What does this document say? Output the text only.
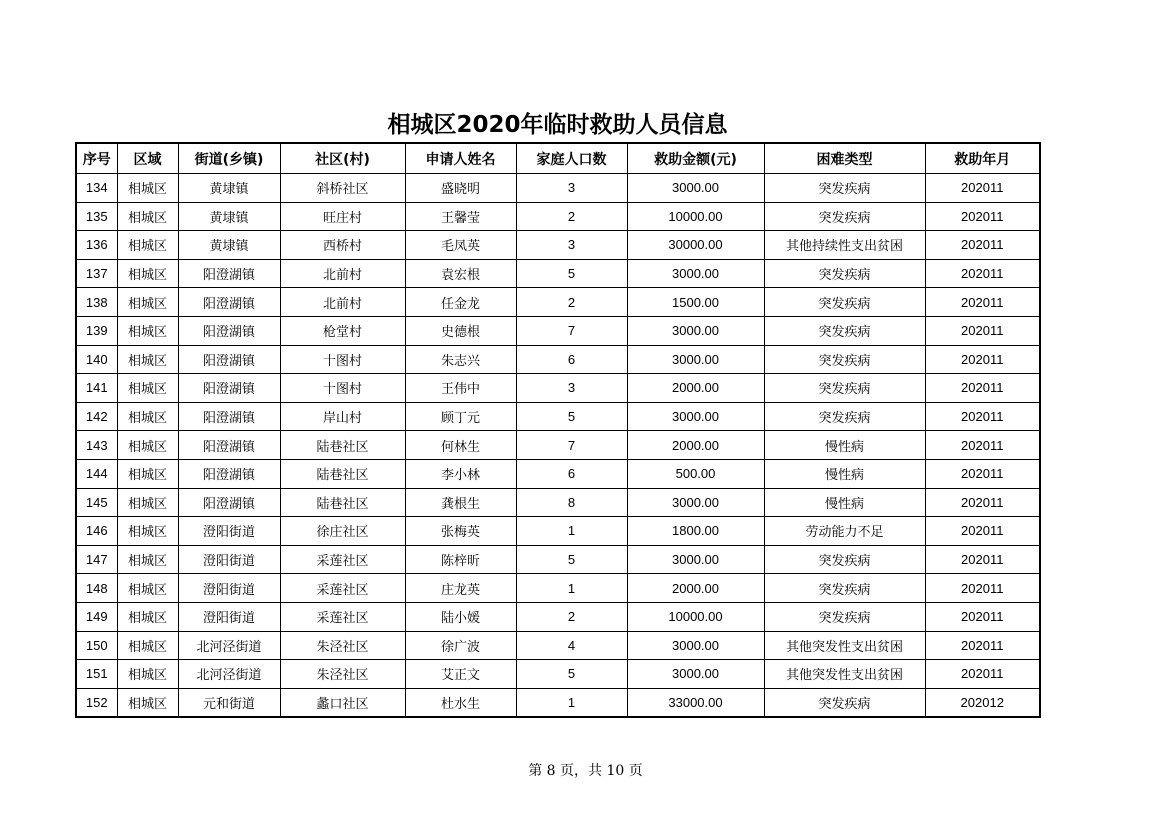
相城区2020年临时救助人员信息
序号	区域	街道(乡镇)	社区(村)	申请人姓名	家庭人口数	救助金额(元)	困难类型	救助年月
134	相城区	黄埭镇	斜桥社区	盛晓明	3	3000.00	突发疾病	202011
135	相城区	黄埭镇	旺庄村	王馨莹	2	10000.00	突发疾病	202011
136	相城区	黄埭镇	西桥村	毛凤英	3	30000.00	其他持续性支出贫困	202011
137	相城区	阳澄湖镇	北前村	袁宏根	5	3000.00	突发疾病	202011
138	相城区	阳澄湖镇	北前村	任金龙	2	1500.00	突发疾病	202011
139	相城区	阳澄湖镇	枪堂村	史德根	7	3000.00	突发疾病	202011
140	相城区	阳澄湖镇	十图村	朱志兴	6	3000.00	突发疾病	202011
141	相城区	阳澄湖镇	十图村	王伟中	3	2000.00	突发疾病	202011
142	相城区	阳澄湖镇	岸山村	顾丁元	5	3000.00	突发疾病	202011
143	相城区	阳澄湖镇	陆巷社区	何林生	7	2000.00	慢性病	202011
144	相城区	阳澄湖镇	陆巷社区	李小林	6	500.00	慢性病	202011
145	相城区	阳澄湖镇	陆巷社区	龚根生	8	3000.00	慢性病	202011
146	相城区	澄阳街道	徐庄社区	张梅英	1	1800.00	劳动能力不足	202011
147	相城区	澄阳街道	采莲社区	陈梓昕	5	3000.00	突发疾病	202011
148	相城区	澄阳街道	采莲社区	庄龙英	1	2000.00	突发疾病	202011
149	相城区	澄阳街道	采莲社区	陆小媛	2	10000.00	突发疾病	202011
150	相城区	北河泾街道	朱泾社区	徐广波	4	3000.00	其他突发性支出贫困	202011
151	相城区	北河泾街道	朱泾社区	艾正文	5	3000.00	其他突发性支出贫困	202011
152	相城区	元和街道	蠡口社区	杜水生	1	33000.00	突发疾病	202012
第 8 页，共 10 页
